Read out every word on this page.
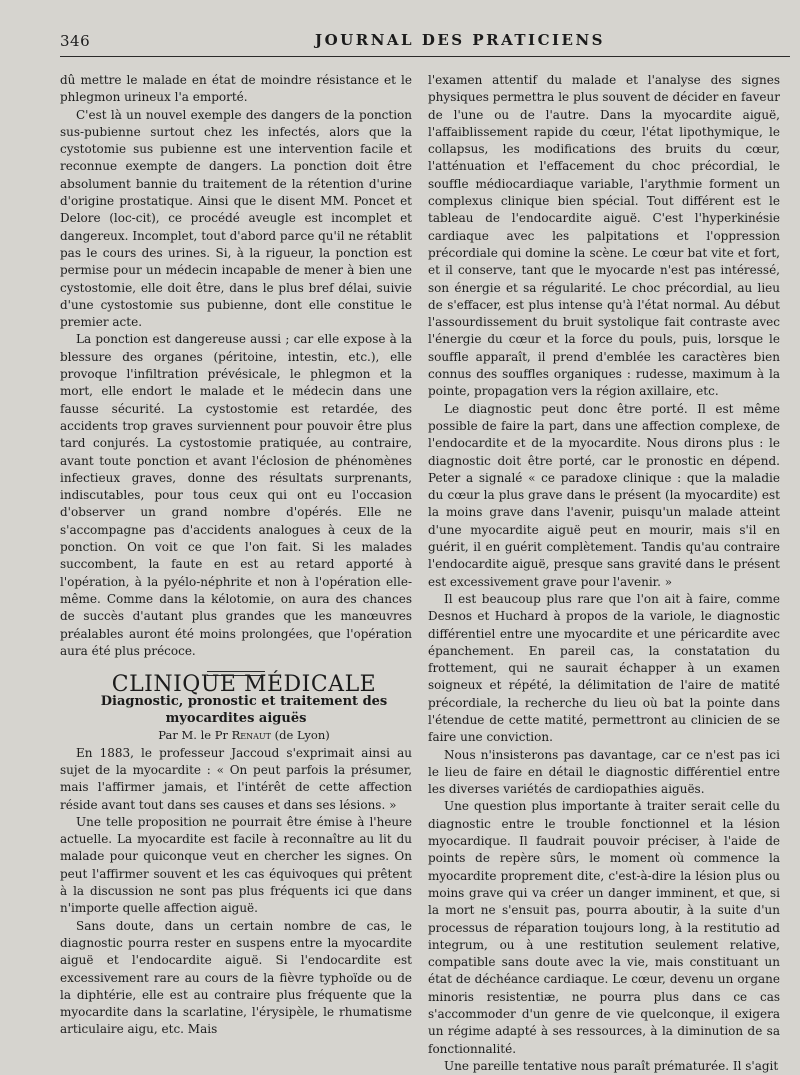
346	JOURNAL DES PRATICIENS

dû mettre le malade en état de moindre résistance et le phlegmon urineux l'a emporté.

C'est là un nouvel exemple des dangers de la ponction sus-pubienne surtout chez les infectés, alors que la cystotomie sus pubienne est une intervention facile et reconnue exempte de dangers. La ponction doit être absolument bannie du traitement de la rétention d'urine d'origine prostatique. Ainsi que le disent MM. Poncet et Delore (loc-cit), ce procédé aveugle est incomplet et dangereux. Incomplet, tout d'abord parce qu'il ne rétablit pas le cours des urines. Si, à la rigueur, la ponction est permise pour un médecin incapable de mener à bien une cystostomie, elle doit être, dans le plus bref délai, suivie d'une cystostomie sus pubienne, dont elle constitue le premier acte.

La ponction est dangereuse aussi ; car elle expose à la blessure des organes (péritoine, intestin, etc.), elle provoque l'infiltration prévésicale, le phlegmon et la mort, elle endort le malade et le médecin dans une fausse sécurité. La cystostomie est retardée, des accidents trop graves surviennent pour pouvoir être plus tard conjurés. La cystostomie pratiquée, au contraire, avant toute ponction et avant l'éclosion de phénomènes infectieux graves, donne des résultats surprenants, indiscutables, pour tous ceux qui ont eu l'occasion d'observer un grand nombre d'opérés. Elle ne s'accompagne pas d'accidents analogues à ceux de la ponction. On voit ce que l'on fait. Si les malades succombent, la faute en est au retard apporté à l'opération, à la pyélo-néphrite et non à l'opération elle-même. Comme dans la kélotomie, on aura des chances de succès d'autant plus grandes que les manœuvres préalables auront été moins prolongées, que l'opération aura été plus précoce.

CLINIQUE MÉDICALE

Diagnostic, pronostic et traitement des myocardites aiguës

Par M. le Pr Renaut (de Lyon)

En 1883, le professeur Jaccoud s'exprimait ainsi au sujet de la myocardite : « On peut parfois la présumer, mais l'affirmer jamais, et l'intérêt de cette affection réside avant tout dans ses causes et dans ses lésions. »

Une telle proposition ne pourrait être émise à l'heure actuelle. La myocardite est facile à reconnaître au lit du malade pour quiconque veut en chercher les signes. On peut l'affirmer souvent et les cas équivoques qui prêtent à la discussion ne sont pas plus fréquents ici que dans n'importe quelle affection aiguë.

Sans doute, dans un certain nombre de cas, le diagnostic pourra rester en suspens entre la myocardite aiguë et l'endocardite aiguë. Si l'endocardite est excessivement rare au cours de la fièvre typhoïde ou de la diphtérie, elle est au contraire plus fréquente que la myocardite dans la scarlatine, l'érysipèle, le rhumatisme articulaire aigu, etc. Mais

l'examen attentif du malade et l'analyse des signes physiques permettra le plus souvent de décider en faveur de l'une ou de l'autre. Dans la myocardite aiguë, l'affaiblissement rapide du cœur, l'état lipothymique, le collapsus, les modifications des bruits du cœur, l'atténuation et l'effacement du choc précordial, le souffle médiocardiaque variable, l'arythmie forment un complexus clinique bien spécial. Tout différent est le tableau de l'endocardite aiguë. C'est l'hyperkinésie cardiaque avec les palpitations et l'oppression précordiale qui domine la scène. Le cœur bat vite et fort, et il conserve, tant que le myocarde n'est pas intéressé, son énergie et sa régularité. Le choc précordial, au lieu de s'effacer, est plus intense qu'à l'état normal. Au début l'assourdissement du bruit systolique fait contraste avec l'énergie du cœur et la force du pouls, puis, lorsque le souffle apparaît, il prend d'emblée les caractères bien connus des souffles organiques : rudesse, maximum à la pointe, propagation vers la région axillaire, etc.

Le diagnostic peut donc être porté. Il est même possible de faire la part, dans une affection complexe, de l'endocardite et de la myocardite. Nous dirons plus : le diagnostic doit être porté, car le pronostic en dépend. Peter a signalé « ce paradoxe clinique : que la maladie du cœur la plus grave dans le présent (la myocardite) est la moins grave dans l'avenir, puisqu'un malade atteint d'une myocardite aiguë peut en mourir, mais s'il en guérit, il en guérit complètement. Tandis qu'au contraire l'endocardite aiguë, presque sans gravité dans le présent est excessivement grave pour l'avenir. »

Il est beaucoup plus rare que l'on ait à faire, comme Desnos et Huchard à propos de la variole, le diagnostic différentiel entre une myocardite et une péricardite avec épanchement. En pareil cas, la constatation du frottement, qui ne saurait échapper à un examen soigneux et répété, la délimitation de l'aire de matité précordiale, la recherche du lieu où bat la pointe dans l'étendue de cette matité, permettront au clinicien de se faire une conviction.

Nous n'insisterons pas davantage, car ce n'est pas ici le lieu de faire en détail le diagnostic différentiel entre les diverses variétés de cardiopathies aiguës.

Une question plus importante à traiter serait celle du diagnostic entre le trouble fonctionnel et la lésion myocardique. Il faudrait pouvoir préciser, à l'aide de points de repère sûrs, le moment où commence la myocardite proprement dite, c'est-à-dire la lésion plus ou moins grave qui va créer un danger imminent, et que, si la mort ne s'ensuit pas, pourra aboutir, à la suite d'un processus de réparation toujours long, à la restitutio ad integrum, ou à une restitution seulement relative, compatible sans doute avec la vie, mais constituant un état de déchéance cardiaque. Le cœur, devenu un organe minoris resistentiæ, ne pourra plus dans ce cas s'accommoder d'un genre de vie quelconque, il exigera un régime adapté à ses ressources, à la diminution de sa fonctionnalité.

Une pareille tentative nous paraît prématurée. Il s'agit
